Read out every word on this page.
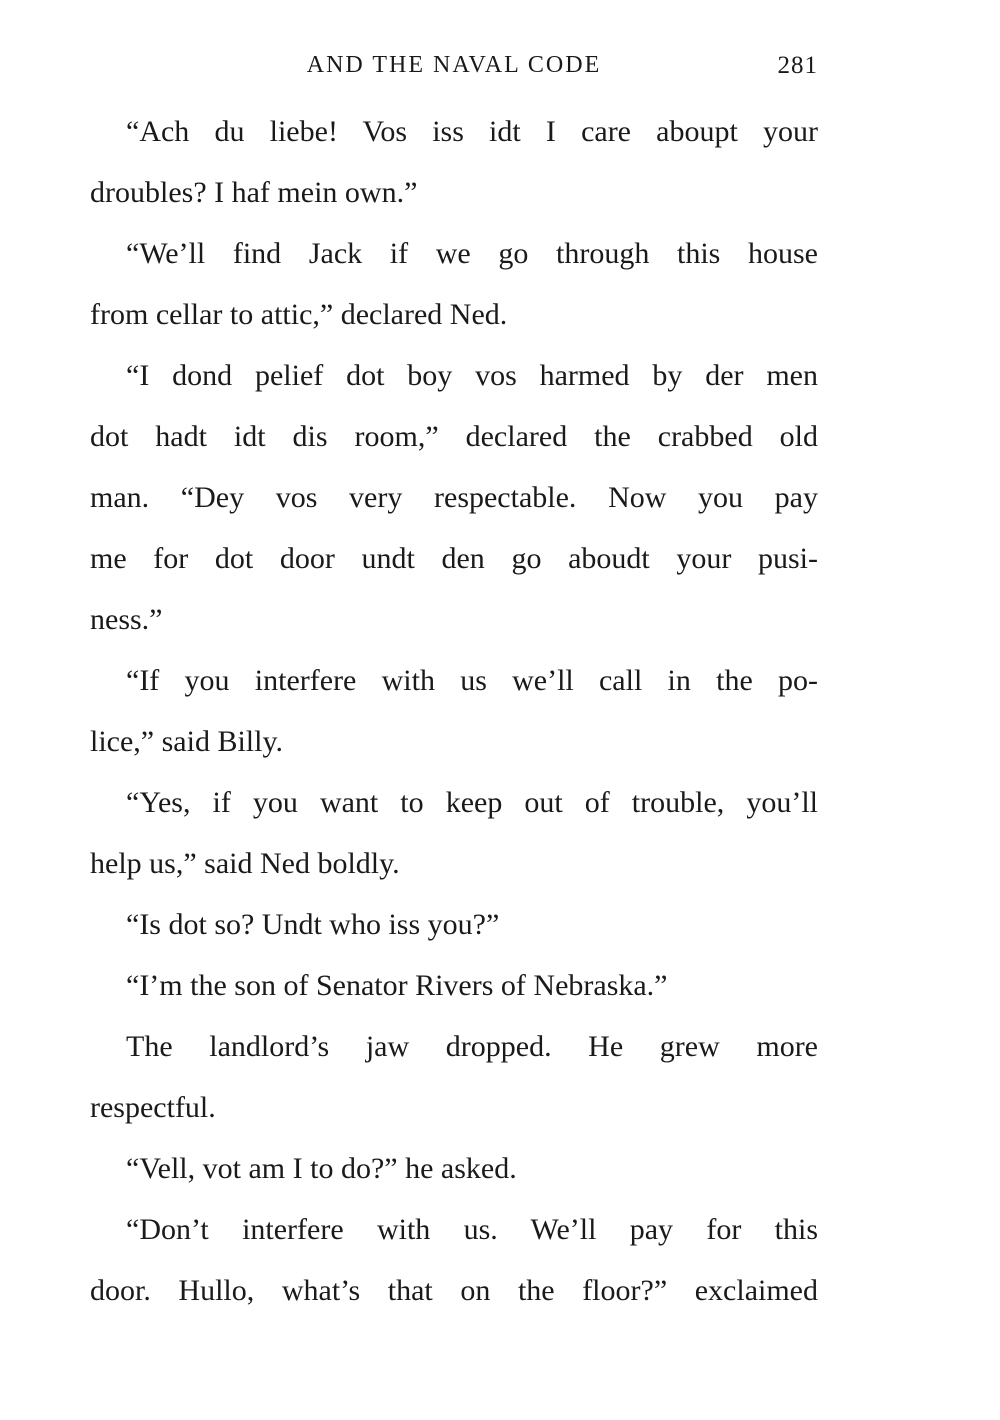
AND THE NAVAL CODE	281
“Ach du liebe! Vos iss idt I care aboupt your
droubles? I haf mein own.”
“We’ll find Jack if we go through this house
from cellar to attic,” declared Ned.
“I dond pelief dot boy vos harmed by der men
dot hadt idt dis room,” declared the crabbed old
man. “Dey vos very respectable. Now you pay
me for dot door undt den go aboudt your pusi-
ness.”
“If you interfere with us we’ll call in the po-
lice,” said Billy.
“Yes, if you want to keep out of trouble, you’ll
help us,” said Ned boldly.
“Is dot so? Undt who iss you?”
“I’m the son of Senator Rivers of Nebraska.”
The landlord’s jaw dropped. He grew more
respectful.
“Vell, vot am I to do?” he asked.
“Don’t interfere with us. We’ll pay for this
door. Hullo, what’s that on the floor?” exclaimed
